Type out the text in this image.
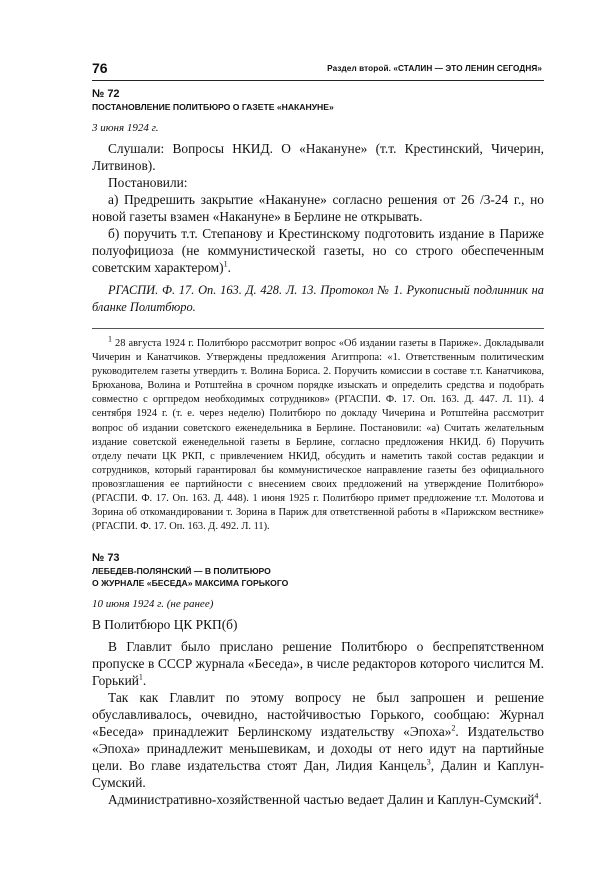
76	Раздел второй. «СТАЛИН — ЭТО ЛЕНИН СЕГОДНЯ»
№ 72
ПОСТАНОВЛЕНИЕ ПОЛИТБЮРО О ГАЗЕТЕ «НАКАНУНЕ»
3 июня 1924 г.

Слушали: Вопросы НКИД. О «Накануне» (т.т. Крестинский, Чичерин, Литвинов).

Постановили:

а) Предрешить закрытие «Накануне» согласно решения от 26 /3-24 г., но новой газеты взамен «Накануне» в Берлине не открывать.

б) поручить т.т. Степанову и Крестинскому подготовить издание в Париже полуофициоза (не коммунистической газеты, но со строго обеспеченным советским характером)$^1$.

РГАСПИ. Ф. 17. Оп. 163. Д. 428. Л. 13. Протокол № 1. Рукописный подлинник на бланке Политбюро.

$^1$ 28 августа 1924 г. Политбюро рассмотрит вопрос «Об издании газеты в Париже». Докладывали Чичерин и Канатчиков. Утверждены предложения Агитпропа: «1. Ответственным политическим руководителем газеты утвердить т. Волина Бориса. 2. Поручить комиссии в составе т.т. Канатчикова, Брюханова, Волина и Ротштейна в срочном порядке изыскать и определить средства и подобрать совместно с оргпредом необходимых сотрудников» (РГАСПИ. Ф. 17. Оп. 163. Д. 447. Л. 11). 4 сентября 1924 г. (т. е. через неделю) Политбюро по докладу Чичерина и Ротштейна рассмотрит вопрос об издании советского еженедельника в Берлине. Постановили: «а) Считать желательным издание советской еженедельной газеты в Берлине, согласно предложения НКИД. б) Поручить отделу печати ЦК РКП, с привлечением НКИД, обсудить и наметить такой состав редакции и сотрудников, который гарантировал бы коммунистическое направление газеты без официального провозглашения ее партийности с внесением своих предложений на утверждение Политбюро» (РГАСПИ. Ф. 17. Оп. 163. Д. 448). 1 июня 1925 г. Политбюро примет предложение т.т. Молотова и Зорина об откомандировании т. Зорина в Париж для ответственной работы в «Парижском вестнике» (РГАСПИ. Ф. 17. Оп. 163. Д. 492. Л. 11).

№ 73
ЛЕБЕДЕВ-ПОЛЯНСКИЙ — В ПОЛИТБЮРО
О ЖУРНАЛЕ «БЕСЕДА» МАКСИМА ГОРЬКОГО
10 июня 1924 г. (не ранее)

В Политбюро ЦК РКП(б)

В Главлит было прислано решение Политбюро о беспрепятственном пропуске в СССР журнала «Беседа», в числе редакторов которого числится М. Горький$^1$.

Так как Главлит по этому вопросу не был запрошен и решение обуславливалось, очевидно, настойчивостью Горького, сообщаю: Журнал «Беседа» принадлежит Берлинскому издательству «Эпоха»$^2$. Издательство «Эпоха» принадлежит меньшевикам, и доходы от него идут на партийные цели. Во главе издательства стоят Дан, Лидия Канцель$^3$, Далин и Каплун-Сумский.

Административно-хозяйственной частью ведает Далин и Каплун-Сумский$^4$.
